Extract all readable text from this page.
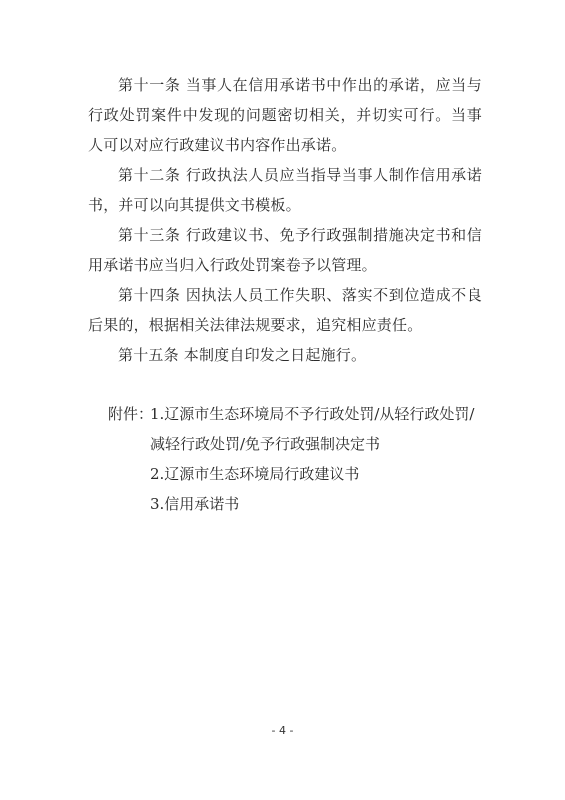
第十一条 当事人在信用承诺书中作出的承诺，应当与行政处罚案件中发现的问题密切相关，并切实可行。当事人可以对应行政建议书内容作出承诺。

第十二条 行政执法人员应当指导当事人制作信用承诺书，并可以向其提供文书模板。

第十三条 行政建议书、免予行政强制措施决定书和信用承诺书应当归入行政处罚案卷予以管理。

第十四条 因执法人员工作失职、落实不到位造成不良后果的，根据相关法律法规要求，追究相应责任。

第十五条 本制度自印发之日起施行。

附件：
1.辽源市生态环境局不予行政处罚/从轻行政处罚/减轻行政处罚/免予行政强制决定书
2.辽源市生态环境局行政建议书
3.信用承诺书
- 4 -
